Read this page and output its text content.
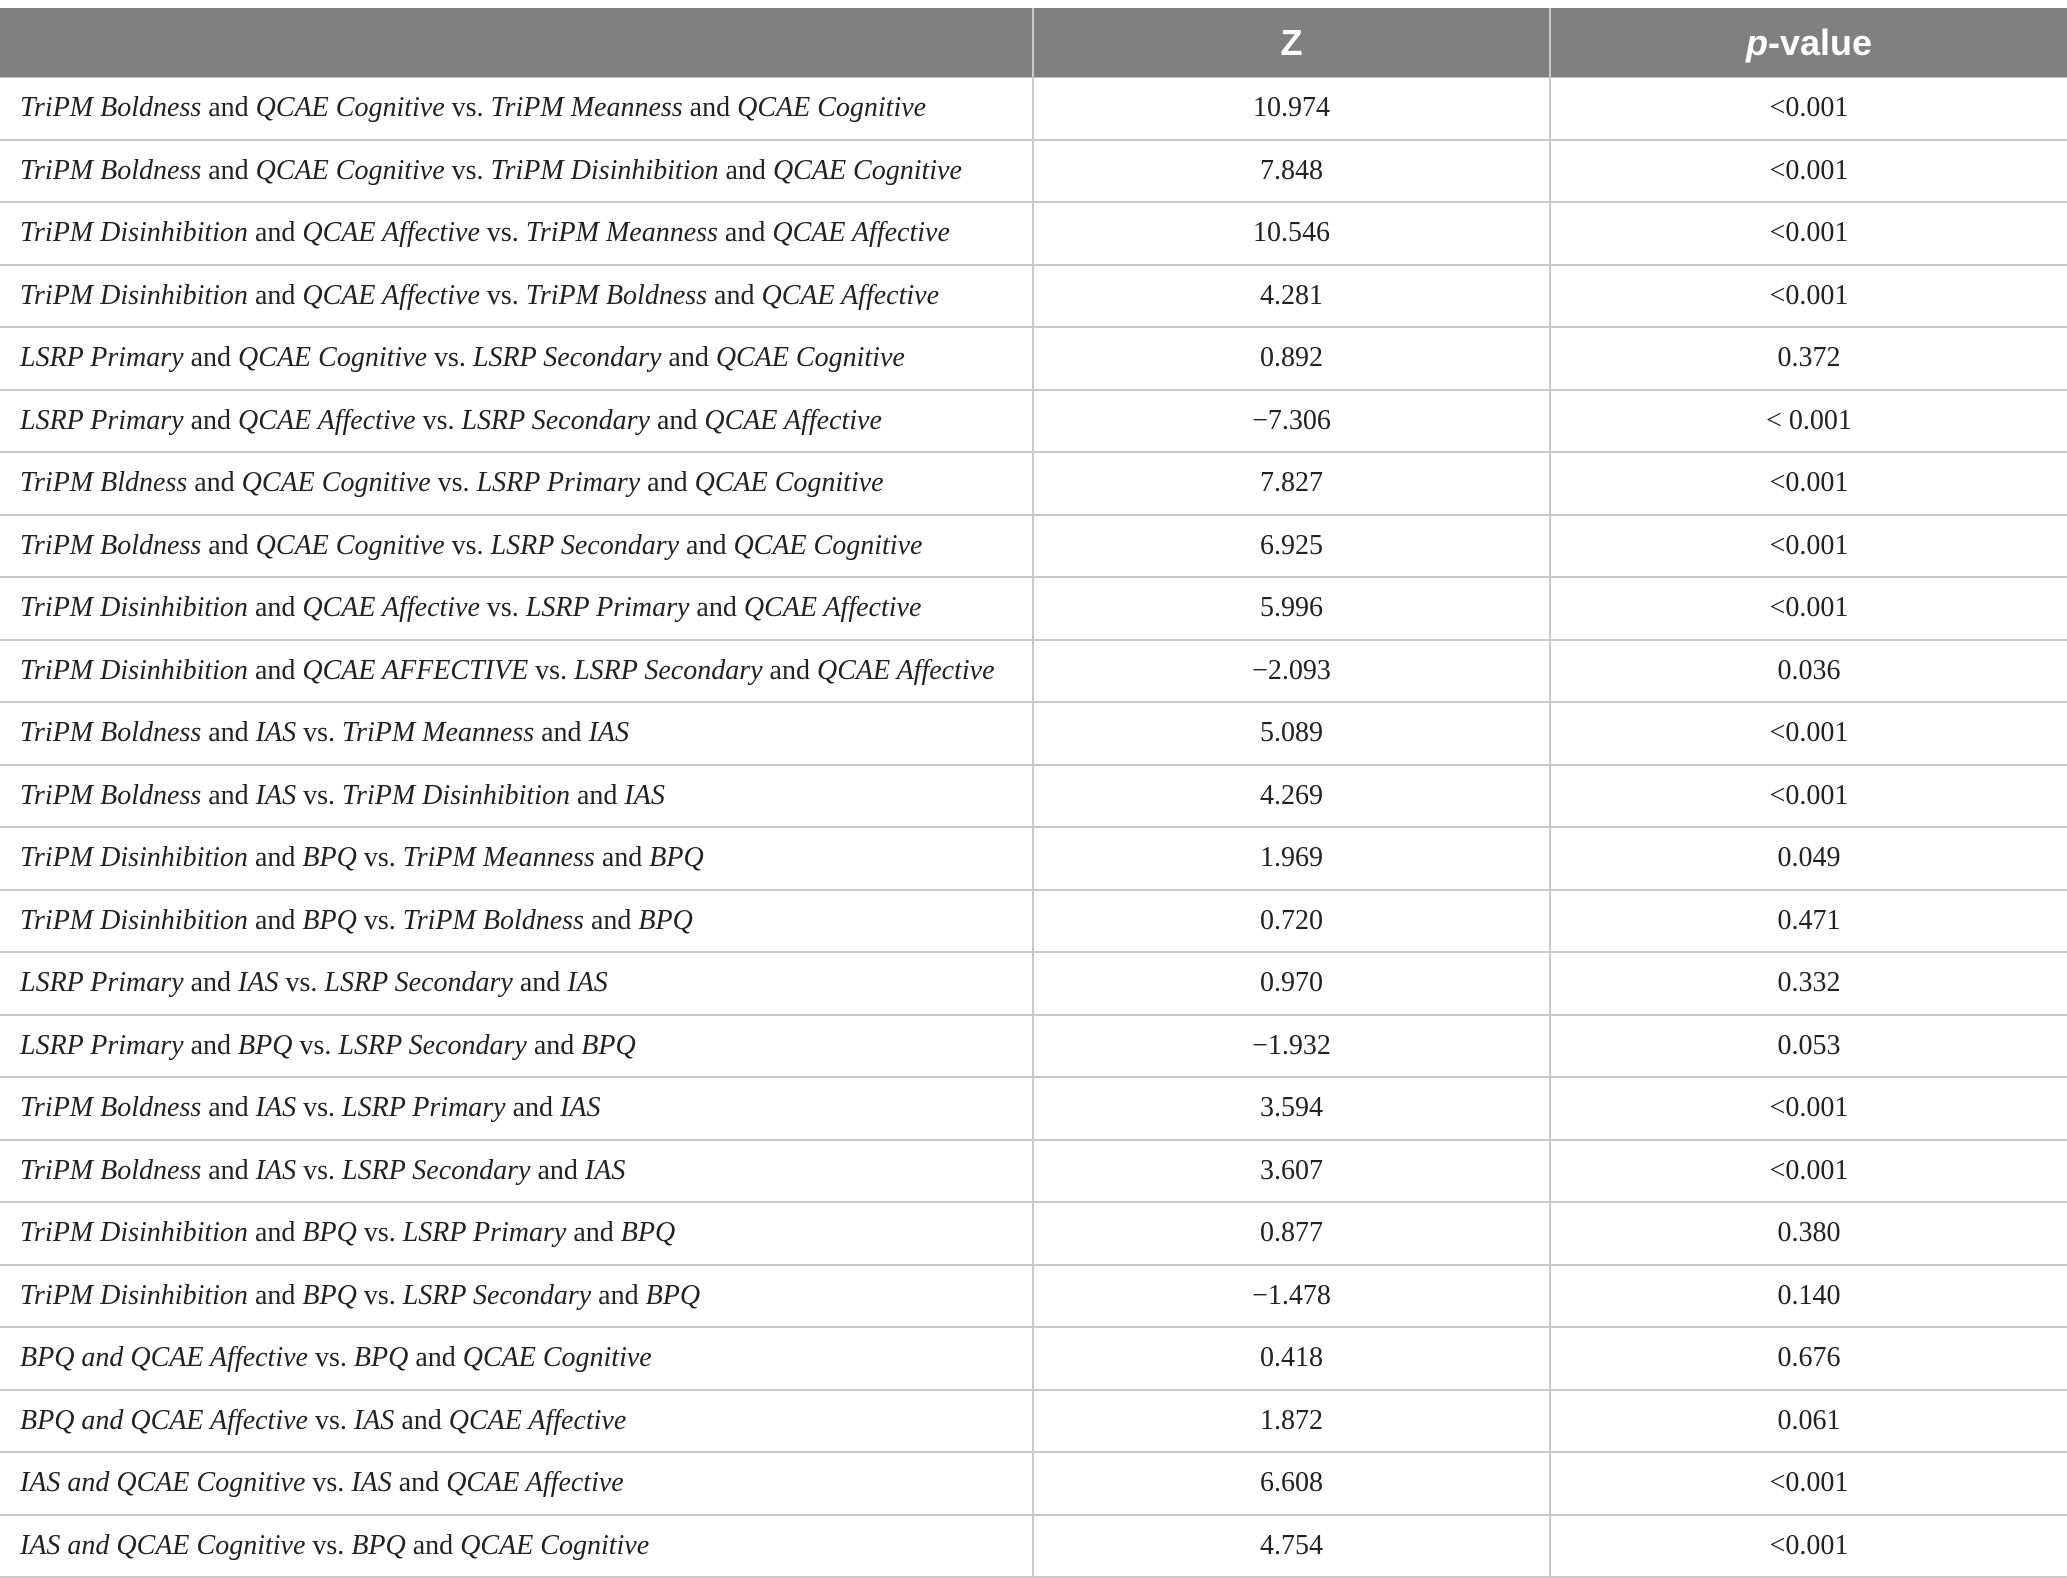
	Z	p-value
TriPM Boldness and QCAE Cognitive vs. TriPM Meanness and QCAE Cognitive	10.974	<0.001
TriPM Boldness and QCAE Cognitive vs. TriPM Disinhibition and QCAE Cognitive	7.848	<0.001
TriPM Disinhibition and QCAE Affective vs. TriPM Meanness and QCAE Affective	10.546	<0.001
TriPM Disinhibition and QCAE Affective vs. TriPM Boldness and QCAE Affective	4.281	<0.001
LSRP Primary and QCAE Cognitive vs. LSRP Secondary and QCAE Cognitive	0.892	0.372
LSRP Primary and QCAE Affective vs. LSRP Secondary and QCAE Affective	−7.306	< 0.001
TriPM Bldness and QCAE Cognitive vs. LSRP Primary and QCAE Cognitive	7.827	<0.001
TriPM Boldness and QCAE Cognitive vs. LSRP Secondary and QCAE Cognitive	6.925	<0.001
TriPM Disinhibition and QCAE Affective vs. LSRP Primary and QCAE Affective	5.996	<0.001
TriPM Disinhibition and QCAE AFFECTIVE vs. LSRP Secondary and QCAE Affective	−2.093	0.036
TriPM Boldness and IAS vs. TriPM Meanness and IAS	5.089	<0.001
TriPM Boldness and IAS vs. TriPM Disinhibition and IAS	4.269	<0.001
TriPM Disinhibition and BPQ vs. TriPM Meanness and BPQ	1.969	0.049
TriPM Disinhibition and BPQ vs. TriPM Boldness and BPQ	0.720	0.471
LSRP Primary and IAS vs. LSRP Secondary and IAS	0.970	0.332
LSRP Primary and BPQ vs. LSRP Secondary and BPQ	−1.932	0.053
TriPM Boldness and IAS vs. LSRP Primary and IAS	3.594	<0.001
TriPM Boldness and IAS vs. LSRP Secondary and IAS	3.607	<0.001
TriPM Disinhibition and BPQ vs. LSRP Primary and BPQ	0.877	0.380
TriPM Disinhibition and BPQ vs. LSRP Secondary and BPQ	−1.478	0.140
BPQ and QCAE Affective vs. BPQ and QCAE Cognitive	0.418	0.676
BPQ and QCAE Affective vs. IAS and QCAE Affective	1.872	0.061
IAS and QCAE Cognitive vs. IAS and QCAE Affective	6.608	<0.001
IAS and QCAE Cognitive vs. BPQ and QCAE Cognitive	4.754	<0.001
